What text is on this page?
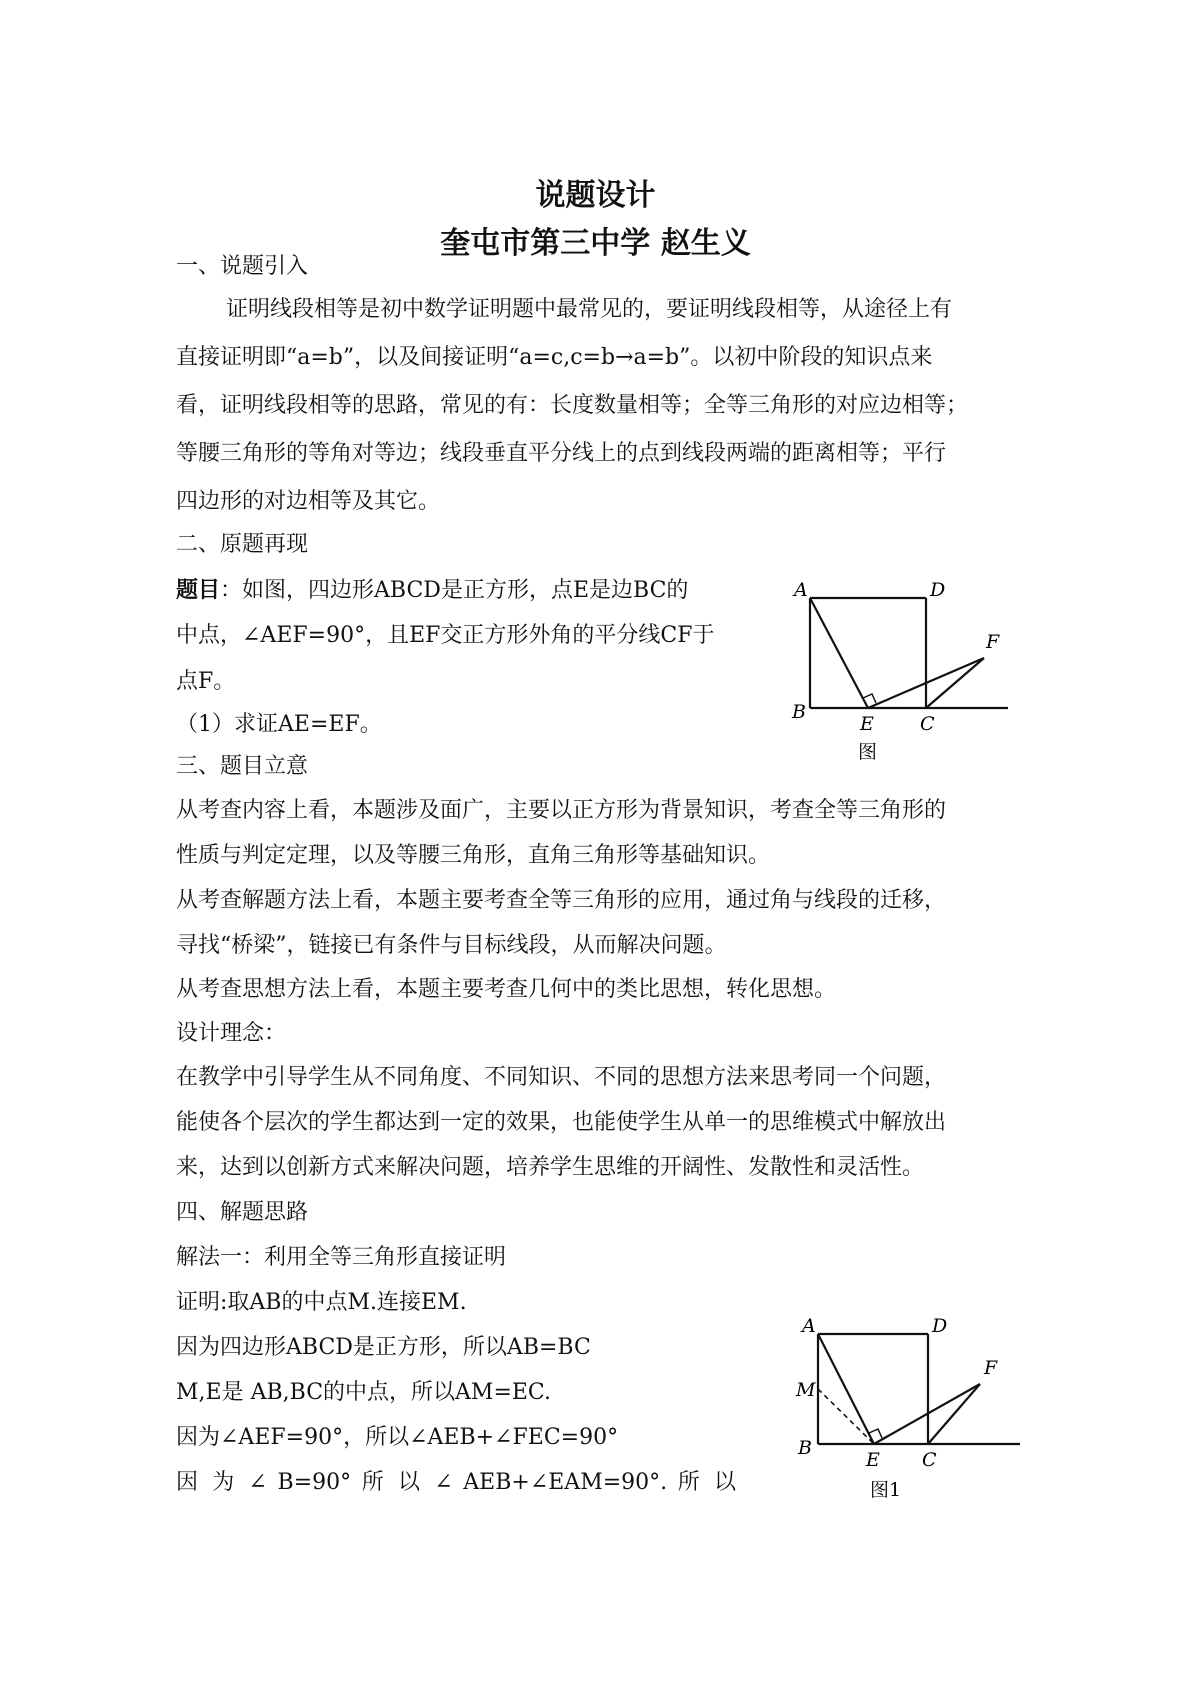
说题设计
奎屯市第三中学 赵生义
一、说题引入
证明线段相等是初中数学证明题中最常见的，要证明线段相等，从途径上有
直接证明即“a=b”，以及间接证明“a=c,c=b→a=b”。以初中阶段的知识点来
看，证明线段相等的思路，常见的有：长度数量相等；全等三角形的对应边相等；
等腰三角形的等角对等边；线段垂直平分线上的点到线段两端的距离相等；平行
四边形的对边相等及其它。
二、原题再现
题目：如图，四边形ABCD是正方形，点E是边BC的
中点，∠AEF=90°，且EF交正方形外角的平分线CF于
点F。
（1）求证AE=EF。
A	D
F
B
E C
图
三、题目立意
从考查内容上看，本题涉及面广，主要以正方形为背景知识，考查全等三角形的
性质与判定定理，以及等腰三角形，直角三角形等基础知识。
从考查解题方法上看，本题主要考查全等三角形的应用，通过角与线段的迁移，
寻找“桥梁”，链接已有条件与目标线段，从而解决问题。
从考查思想方法上看，本题主要考查几何中的类比思想，转化思想。
设计理念：
在教学中引导学生从不同角度、不同知识、不同的思想方法来思考同一个问题，
能使各个层次的学生都达到一定的效果，也能使学生从单一的思维模式中解放出
来，达到以创新方式来解决问题，培养学生思维的开阔性、发散性和灵活性。
四、解题思路
解法一：利用全等三角形直接证明
证明:取AB的中点M.连接EM.
因为四边形ABCD是正方形，所以AB=BC
M,E是 AB,BC的中点，所以AM=EC.
因为∠AEF=90°，所以∠AEB+∠FEC=90°
因 为 ∠ B=90° 所 以 ∠ AEB+∠EAM=90°. 所 以
A	D
F
M
B
E C
图1
